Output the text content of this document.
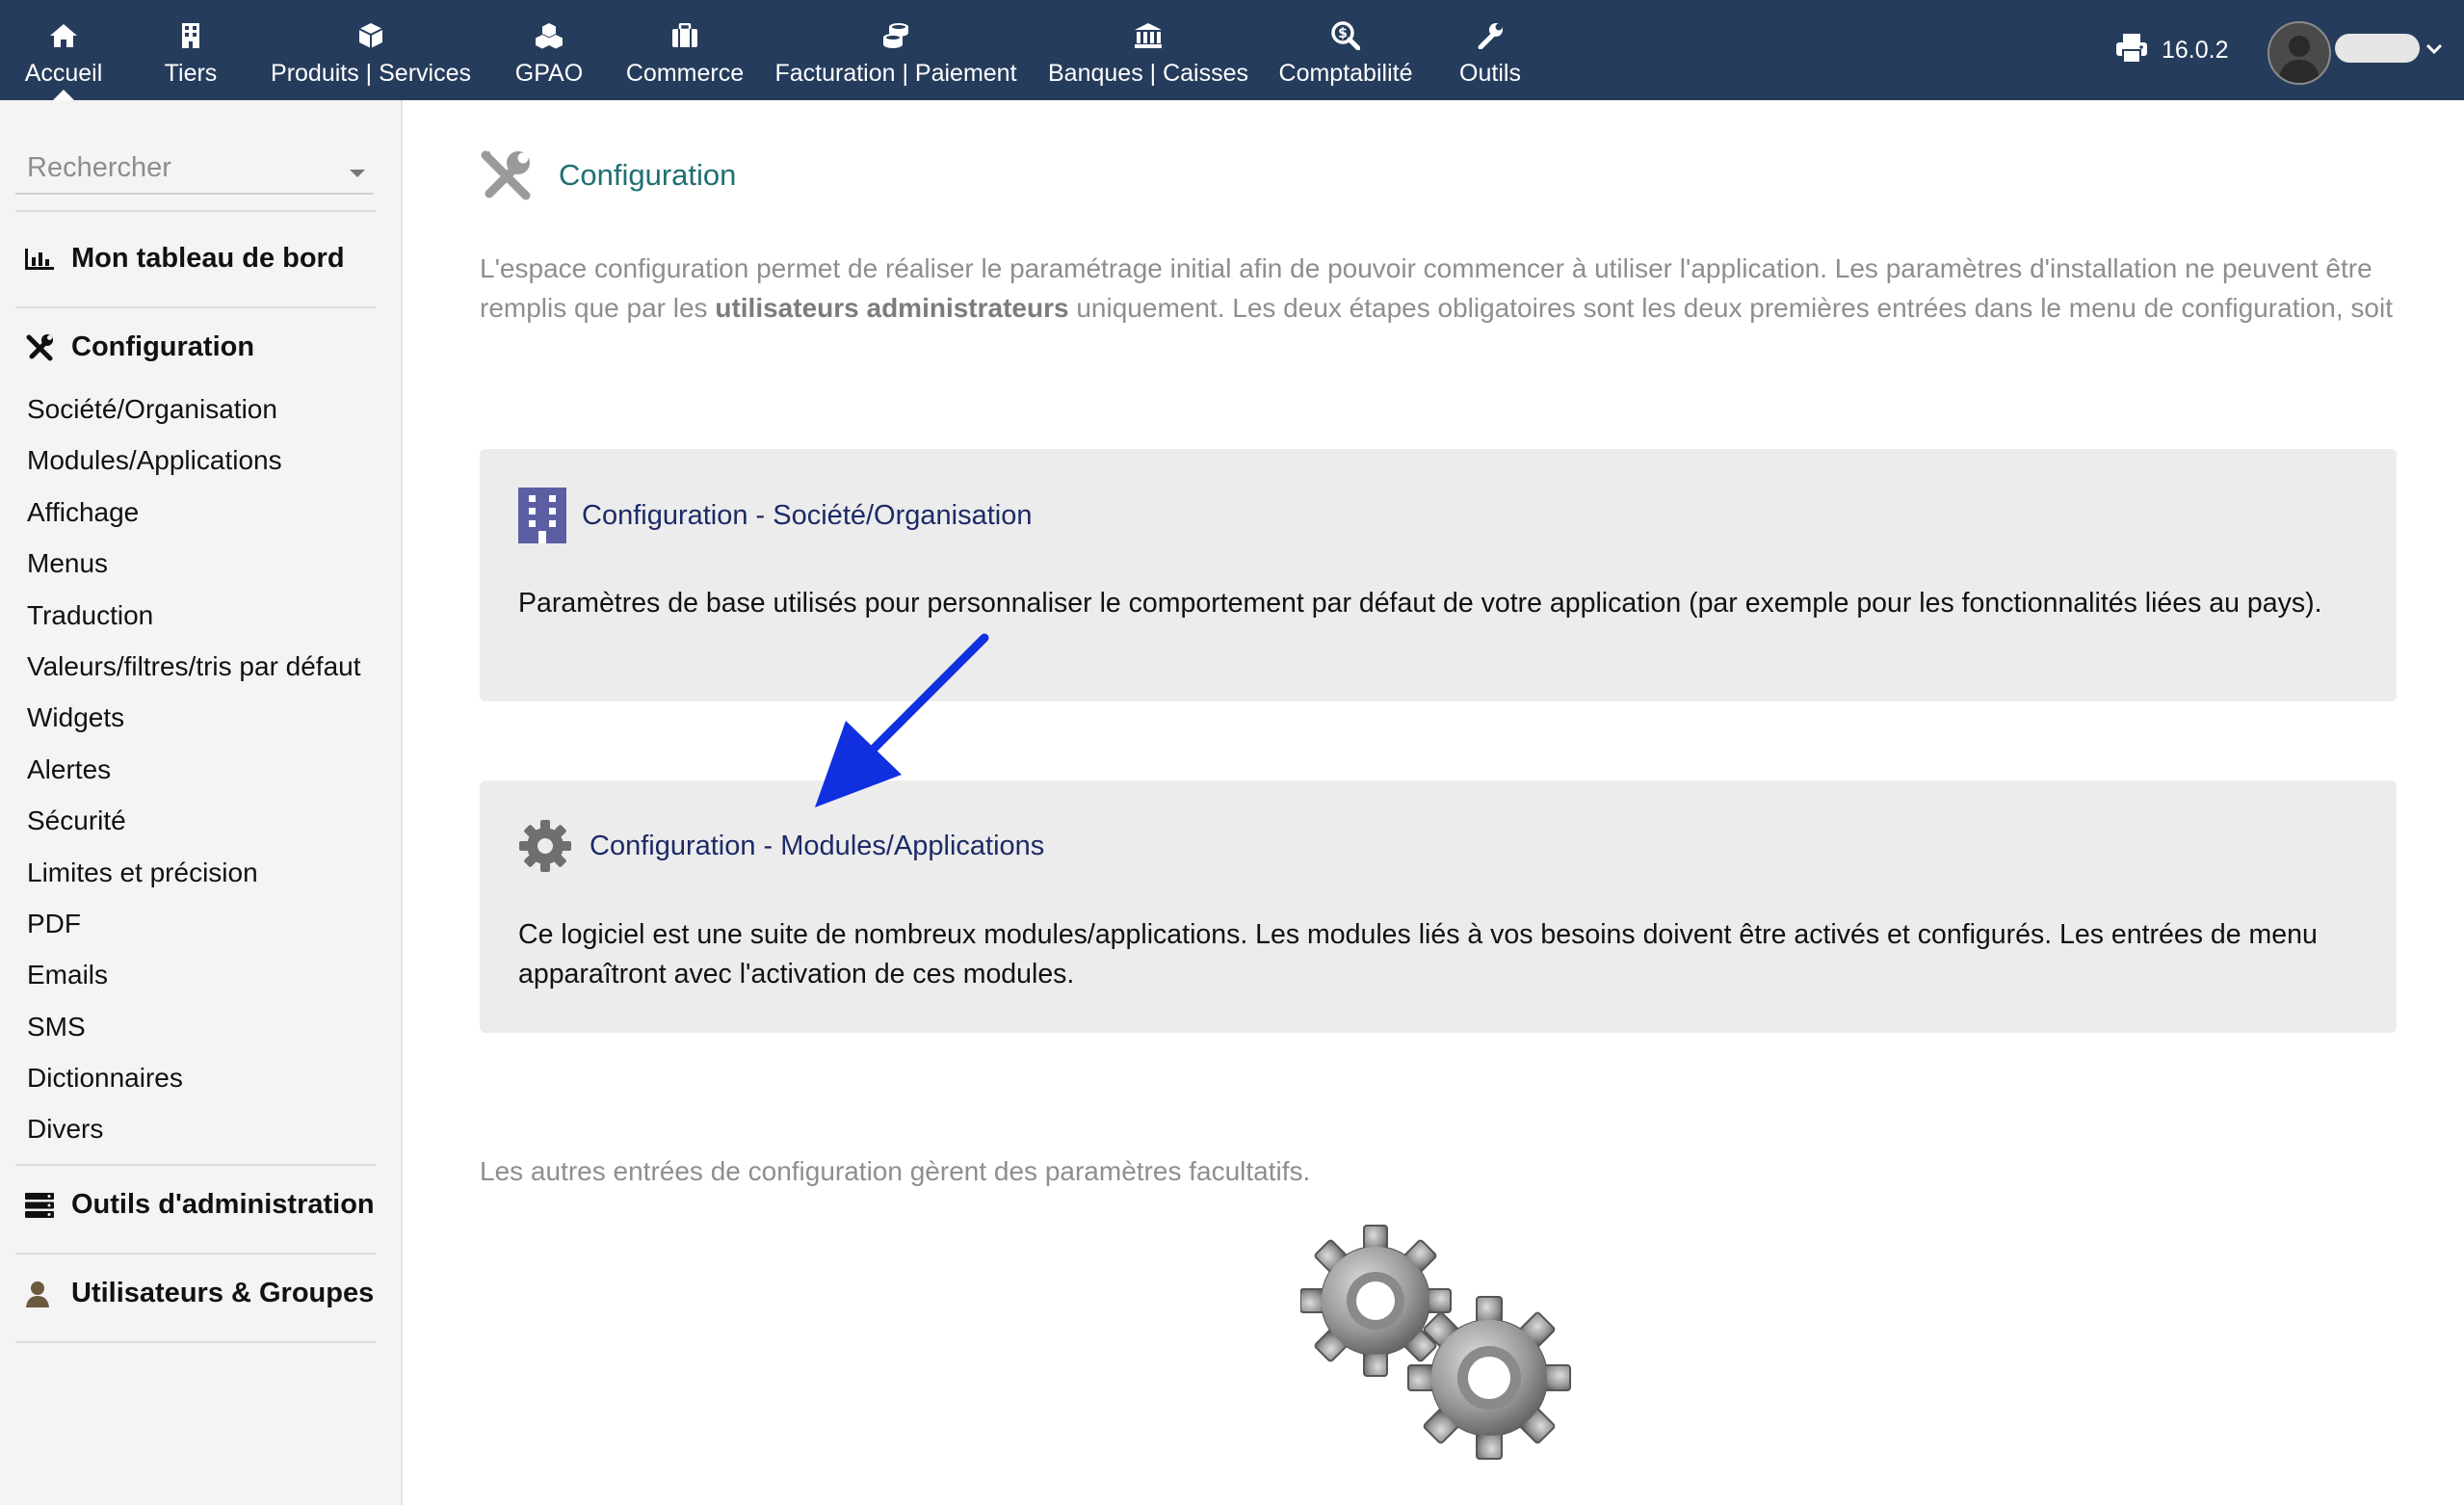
Accueil	Tiers Produits | Services GPAO Commerce Facturation | Paiement Banques | Caisses
$
Comptabilité Outils
16.0.2
Rechercher
Mon tableau de bord
Configuration
Société/Organisation
Modules/Applications
Affichage
Menus
Traduction
Valeurs/filtres/tris par défaut
Widgets
Alertes
Sécurité
Limites et précision
PDF
Emails
SMS
Dictionnaires
Divers
Outils d'administration
Utilisateurs & Groupes
Configuration
L'espace configuration permet de réaliser le paramétrage initial afin de pouvoir commencer à utiliser l'application. Les paramètres d'installation ne peuvent être remplis que par les utilisateurs administrateurs uniquement. Les deux étapes obligatoires sont les deux premières entrées dans le menu de configuration, soit
Configuration - Société/Organisation
Paramètres de base utilisés pour personnaliser le comportement par défaut de votre application (par exemple pour les fonctionnalités liées au pays).
Configuration - Modules/Applications
Ce logiciel est une suite de nombreux modules/applications. Les modules liés à vos besoins doivent être activés et configurés. Les entrées de menu apparaîtront avec l'activation de ces modules.
Les autres entrées de configuration gèrent des paramètres facultatifs.
